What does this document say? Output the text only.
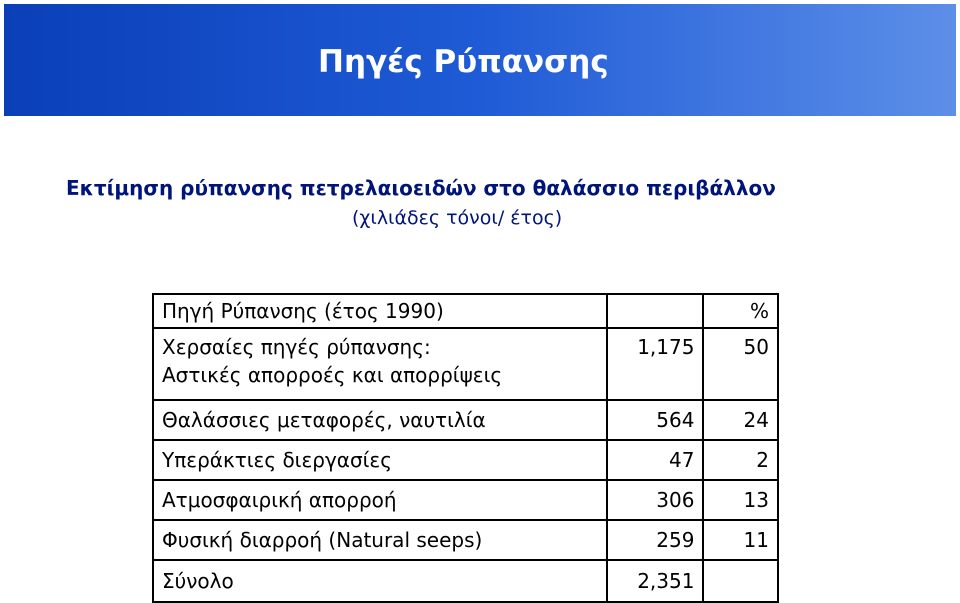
Πηγές Ρύπανσης
Εκτίμηση ρύπανσης πετρελαιοειδών στο θαλάσσιο περιβάλλον
(χιλιάδες τόνοι/ έτος)
Πηγή Ρύπανσης (έτος 1990)		%

Χερσαίες πηγές ρύπανσης:
Αστικές απορροές και απορρίψεις	1,175	50
Θαλάσσιες μεταφορές, ναυτιλία	564	24
Υπεράκτιες διεργασίες	47	2
Ατμοσφαιρική απορροή	306	13
Φυσική διαρροή (Natural seeps)	259	11
Σύνολο	2,351	
